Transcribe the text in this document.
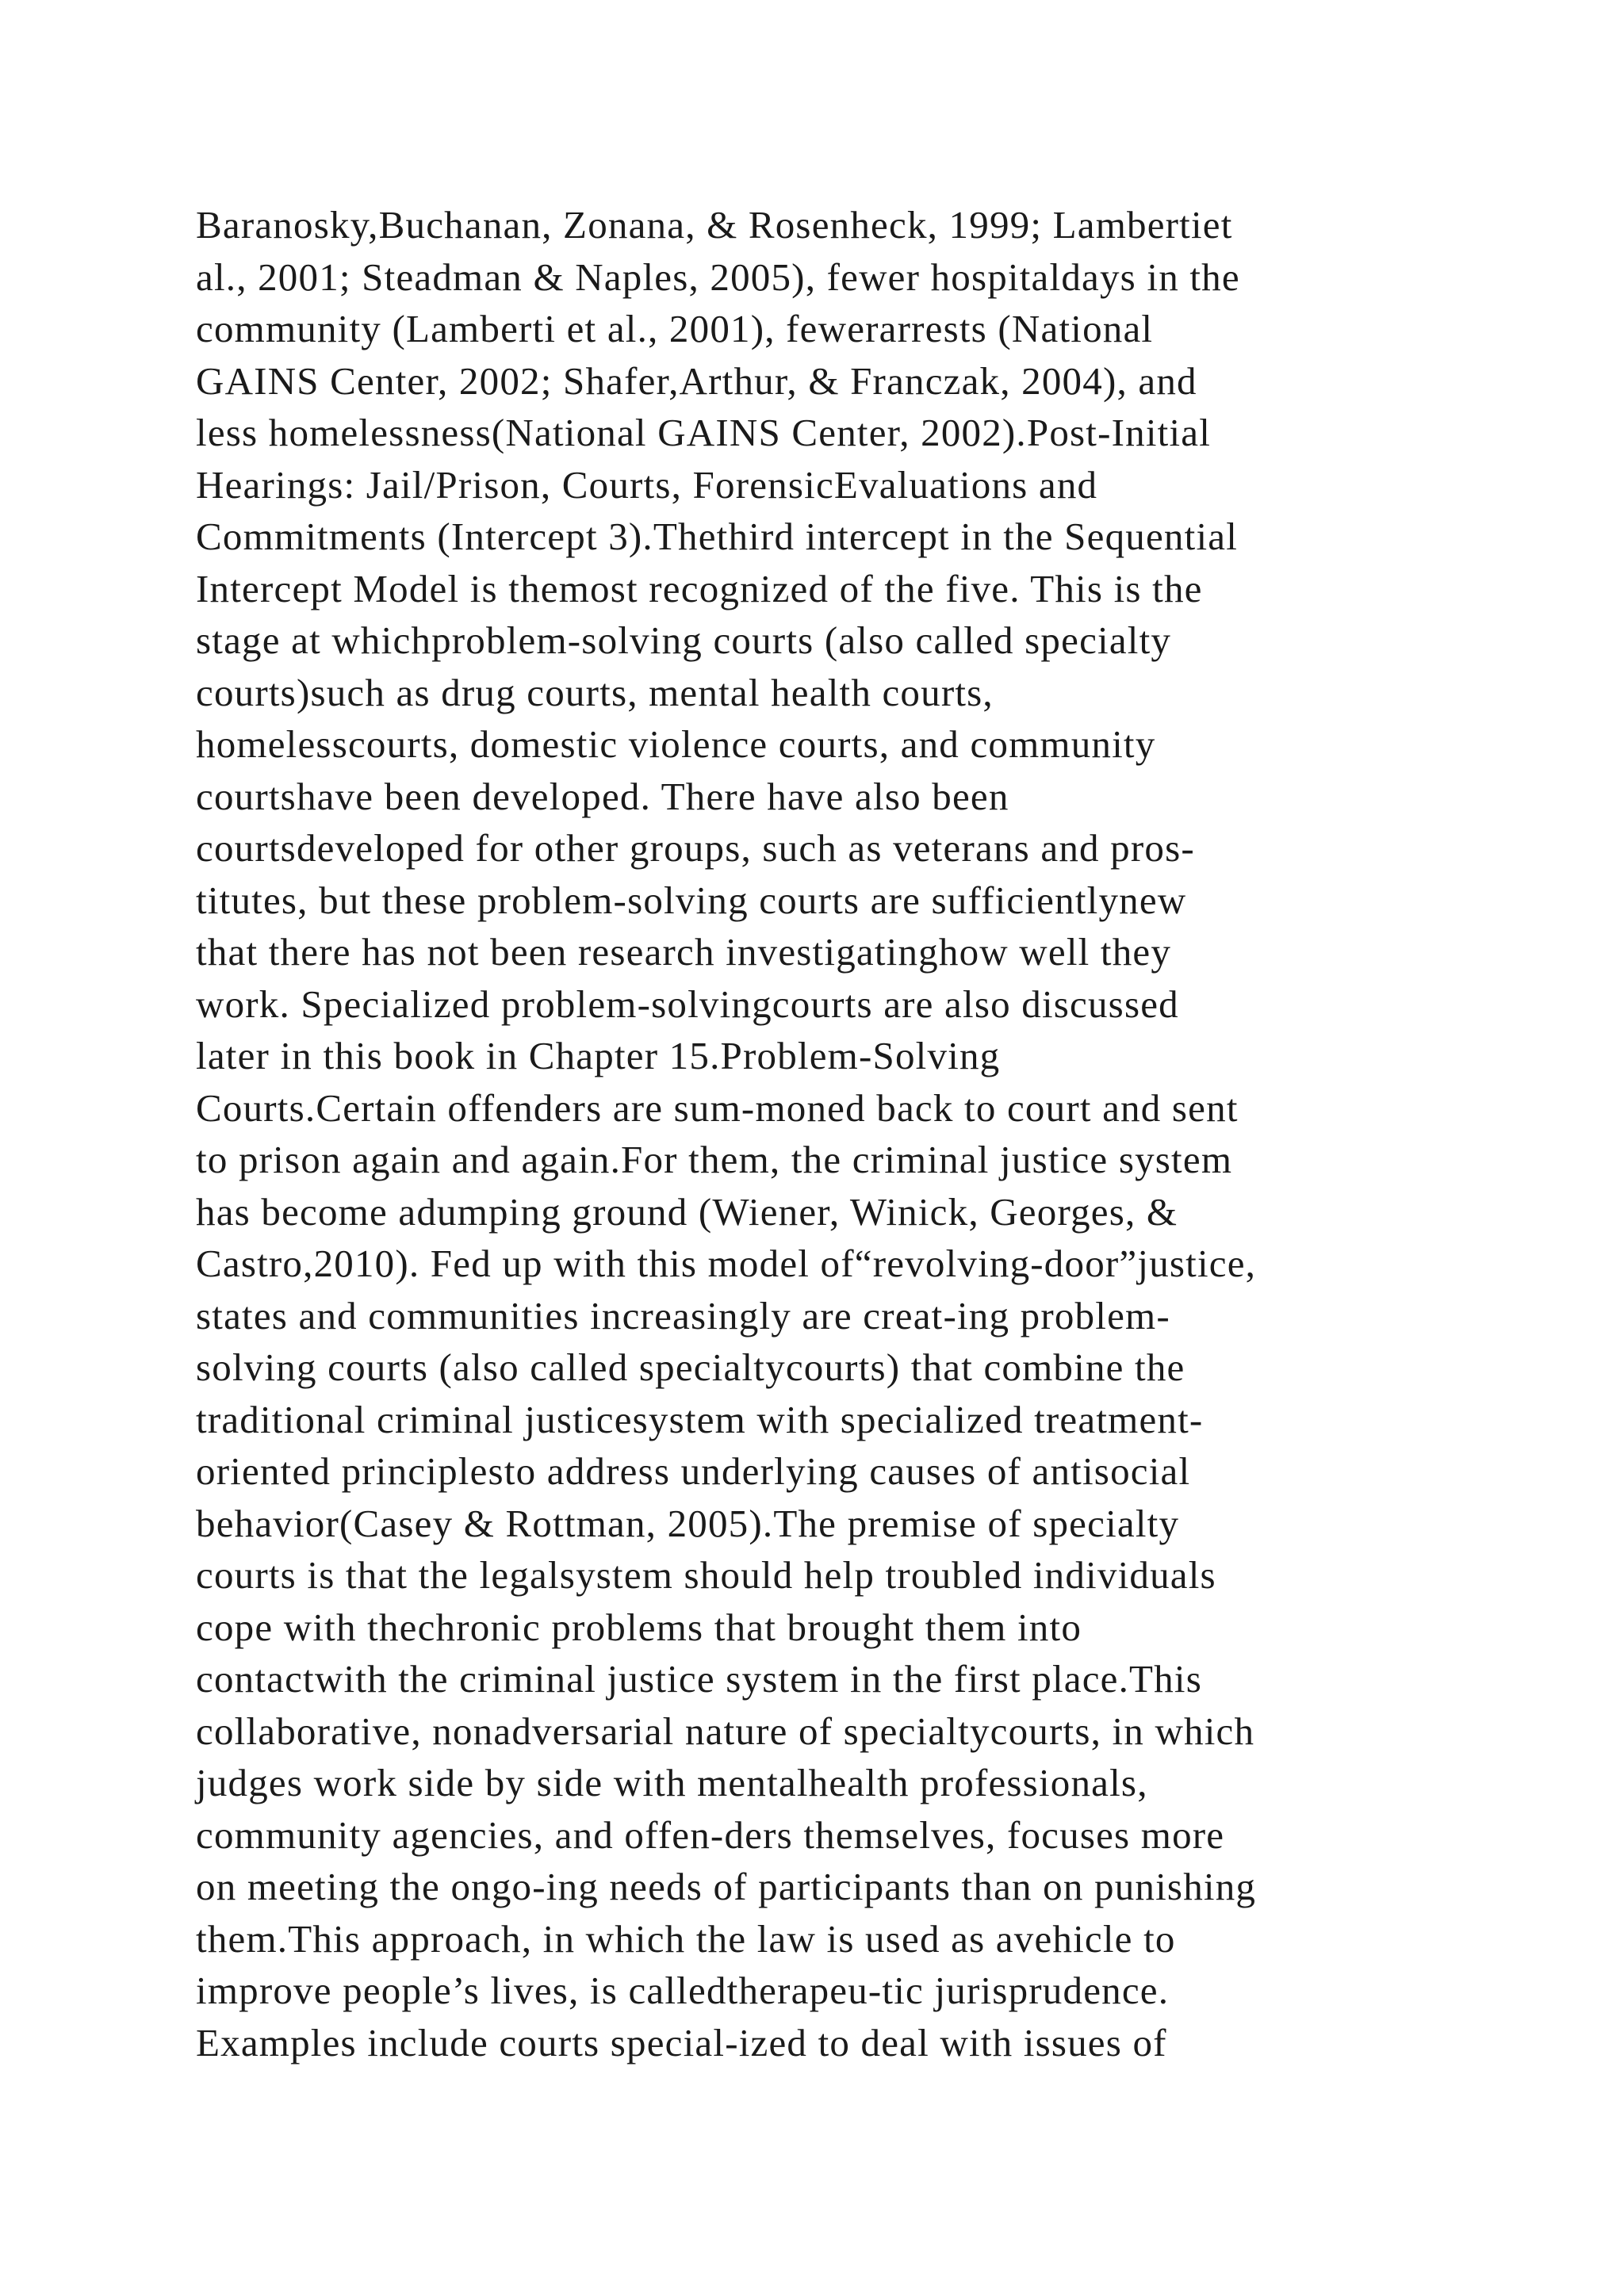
Baranosky,Buchanan, Zonana, & Rosenheck, 1999; Lambertiet
al., 2001; Steadman & Naples, 2005), fewer hospitaldays in the
community (Lamberti et al., 2001), fewerarrests (National
GAINS Center, 2002; Shafer,Arthur, & Franczak, 2004), and
less homelessness(National GAINS Center, 2002).Post-Initial
Hearings: Jail/Prison, Courts, ForensicEvaluations and
Commitments (Intercept 3).Thethird intercept in the Sequential
Intercept Model is themost recognized of the five. This is the
stage at whichproblem-solving courts (also called specialty
courts)such as drug courts, mental health courts,
homelesscourts, domestic violence courts, and community
courtshave been developed. There have also been
courtsdeveloped for other groups, such as veterans and pros-
titutes, but these problem-solving courts are sufficientlynew
that there has not been research investigatinghow well they
work. Specialized problem-solvingcourts are also discussed
later in this book in Chapter 15.Problem-Solving
Courts.Certain offenders are sum-moned back to court and sent
to prison again and again.For them, the criminal justice system
has become adumping ground (Wiener, Winick, Georges, &
Castro,2010). Fed up with this model of“revolving-door”justice,
states and communities increasingly are creat-ing problem-
solving courts (also called specialtycourts) that combine the
traditional criminal justicesystem with specialized treatment-
oriented principlesto address underlying causes of antisocial
behavior(Casey & Rottman, 2005).The premise of specialty
courts is that the legalsystem should help troubled individuals
cope with thechronic problems that brought them into
contactwith the criminal justice system in the first place.This
collaborative, nonadversarial nature of specialtycourts, in which
judges work side by side with mentalhealth professionals,
community agencies, and offen-ders themselves, focuses more
on meeting the ongo-ing needs of participants than on punishing
them.This approach, in which the law is used as avehicle to
improve people’s lives, is calledtherapeu-tic jurisprudence.
Examples include courts special-ized to deal with issues of
